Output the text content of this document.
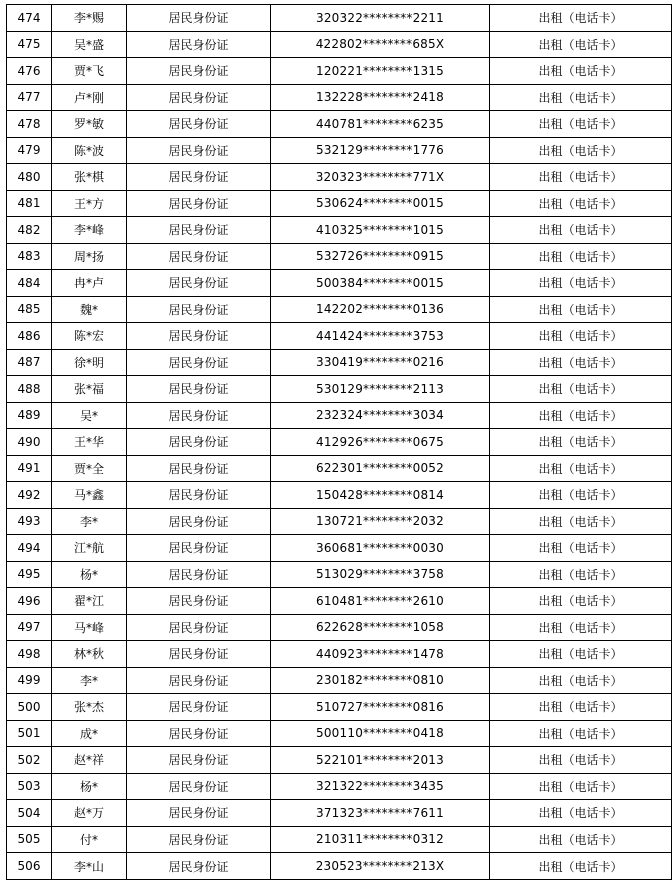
474	李*赐	居民身份证	320322********2211	出租（电话卡）
475	吴*盛	居民身份证	422802********685X	出租（电话卡）
476	贾*飞	居民身份证	120221********1315	出租（电话卡）
477	卢*刚	居民身份证	132228********2418	出租（电话卡）
478	罗*敏	居民身份证	440781********6235	出租（电话卡）
479	陈*波	居民身份证	532129********1776	出租（电话卡）
480	张*棋	居民身份证	320323********771X	出租（电话卡）
481	王*方	居民身份证	530624********0015	出租（电话卡）
482	李*峰	居民身份证	410325********1015	出租（电话卡）
483	周*扬	居民身份证	532726********0915	出租（电话卡）
484	冉*卢	居民身份证	500384********0015	出租（电话卡）
485	魏*	居民身份证	142202********0136	出租（电话卡）
486	陈*宏	居民身份证	441424********3753	出租（电话卡）
487	徐*明	居民身份证	330419********0216	出租（电话卡）
488	张*福	居民身份证	530129********2113	出租（电话卡）
489	吴*	居民身份证	232324********3034	出租（电话卡）
490	王*华	居民身份证	412926********0675	出租（电话卡）
491	贾*全	居民身份证	622301********0052	出租（电话卡）
492	马*鑫	居民身份证	150428********0814	出租（电话卡）
493	李*	居民身份证	130721********2032	出租（电话卡）
494	江*航	居民身份证	360681********0030	出租（电话卡）
495	杨*	居民身份证	513029********3758	出租（电话卡）
496	翟*江	居民身份证	610481********2610	出租（电话卡）
497	马*峰	居民身份证	622628********1058	出租（电话卡）
498	林*秋	居民身份证	440923********1478	出租（电话卡）
499	李*	居民身份证	230182********0810	出租（电话卡）
500	张*杰	居民身份证	510727********0816	出租（电话卡）
501	成*	居民身份证	500110********0418	出租（电话卡）
502	赵*祥	居民身份证	522101********2013	出租（电话卡）
503	杨*	居民身份证	321322********3435	出租（电话卡）
504	赵*万	居民身份证	371323********7611	出租（电话卡）
505	付*	居民身份证	210311********0312	出租（电话卡）
506	李*山	居民身份证	230523********213X	出租（电话卡）
